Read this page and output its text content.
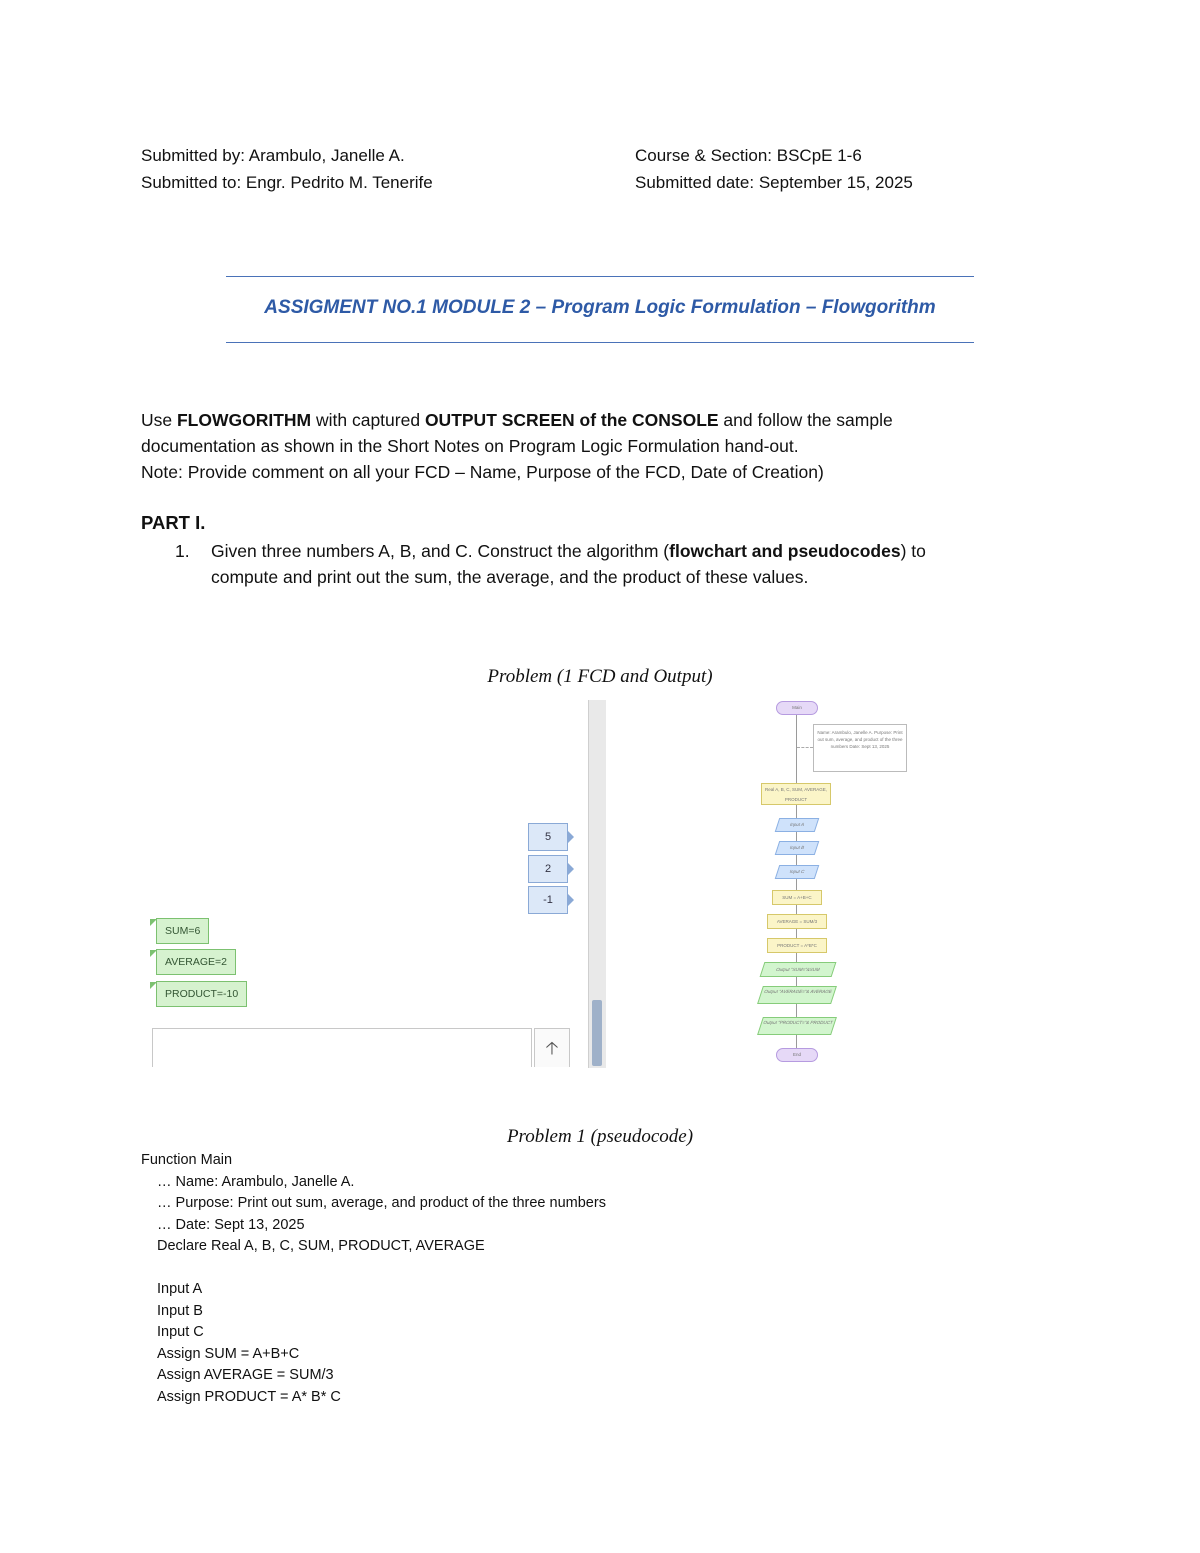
Submitted by: Arambulo, Janelle A.
Submitted to: Engr. Pedrito M. Tenerife
Course & Section: BSCpE 1-6
Submitted date: September 15, 2025
ASSIGMENT NO.1 MODULE 2 – Program Logic Formulation – Flowgorithm
Use FLOWGORITHM with captured OUTPUT SCREEN of the CONSOLE and follow the sample
documentation as shown in the Short Notes on Program Logic Formulation hand-out.
Note: Provide comment on all your FCD – Name, Purpose of the FCD, Date of Creation)
PART I.
1. Given three numbers A, B, and C. Construct the algorithm (flowchart and pseudocodes) to
compute and print out the sum, the average, and the product of these values.
Problem (1 FCD and Output)
5
2
-1
SUM=6
AVERAGE=2
PRODUCT=-10
🡡
Main
Name: Arambulo, Janelle A. Purpose: Print out sum, average, and product of the three numbers Date: Sept 13, 2025
Real A, B, C, SUM, AVERAGE, PRODUCT
Input A
Input B
Input C
SUM = A+B+C
AVERAGE = SUM/3
PRODUCT = A*B*C
Output "SUM="&SUM
Output "AVERAGE="& AVERAGE
Output "PRODUCT="& PRODUCT
End
Problem 1 (pseudocode)
Function Main
… Name: Arambulo, Janelle A.
… Purpose: Print out sum, average, and product of the three numbers
… Date: Sept 13, 2025
Declare Real A, B, C, SUM, PRODUCT, AVERAGE
Input A
Input B
Input C
Assign SUM = A+B+C
Assign AVERAGE = SUM/3
Assign PRODUCT = A* B* C
